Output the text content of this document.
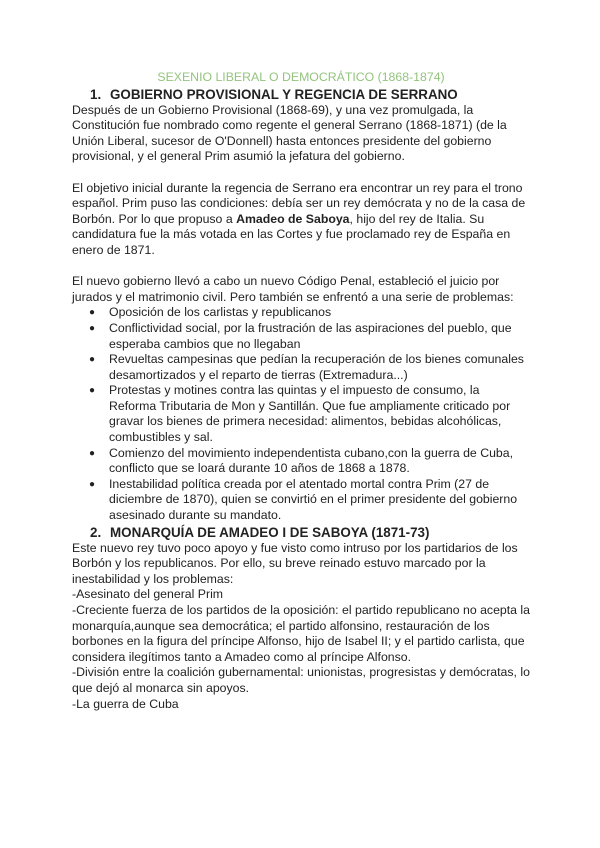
SEXENIO LIBERAL O DEMOCRÁTICO (1868-1874)
1. GOBIERNO PROVISIONAL Y REGENCIA DE SERRANO

Después de un Gobierno Provisional (1868-69), y una vez promulgada, la Constitución fue nombrado como regente el general Serrano (1868-1871) (de la Unión Liberal, sucesor de O'Donnell) hasta entonces presidente del gobierno provisional, y el general Prim asumió la jefatura del gobierno.

El objetivo inicial durante la regencia de Serrano era encontrar un rey para el trono español. Prim puso las condiciones: debía ser un rey demócrata y no de la casa de Borbón. Por lo que propuso a Amadeo de Saboya, hijo del rey de Italia. Su candidatura fue la más votada en las Cortes y fue proclamado rey de España en enero de 1871.

El nuevo gobierno llevó a cabo un nuevo Código Penal, estableció el juicio por jurados y el matrimonio civil. Pero también se enfrentó a una serie de problemas:

● Oposición de los carlistas y republicanos
● Conflictividad social, por la frustración de las aspiraciones del pueblo, que esperaba cambios que no llegaban
● Revueltas campesinas que pedían la recuperación de los bienes comunales desamortizados y el reparto de tierras (Extremadura...)
● Protestas y motines contra las quintas y el impuesto de consumo, la Reforma Tributaria de Mon y Santillán. Que fue ampliamente criticado por gravar los bienes de primera necesidad: alimentos, bebidas alcohólicas, combustibles y sal.
● Comienzo del movimiento independentista cubano,con la guerra de Cuba, conflicto que se loará durante 10 años de 1868 a 1878.
● Inestabilidad política creada por el atentado mortal contra Prim (27 de diciembre de 1870), quien se convirtió en el primer presidente del gobierno asesinado durante su mandato.
2. MONARQUÍA DE AMADEO I DE SABOYA (1871-73)

Este nuevo rey tuvo poco apoyo y fue visto como intruso por los partidarios de los Borbón y los republicanos. Por ello, su breve reinado estuvo marcado por la inestabilidad y los problemas:

-Asesinato del general Prim

-Creciente fuerza de los partidos de la oposición: el partido republicano no acepta la monarquía,aunque sea democrática; el partido alfonsino, restauración de los borbones en la figura del príncipe Alfonso, hijo de Isabel II; y el partido carlista, que considera ilegítimos tanto a Amadeo como al príncipe Alfonso.

-División entre la coalición gubernamental: unionistas, progresistas y demócratas, lo que dejó al monarca sin apoyos.

-La guerra de Cuba
